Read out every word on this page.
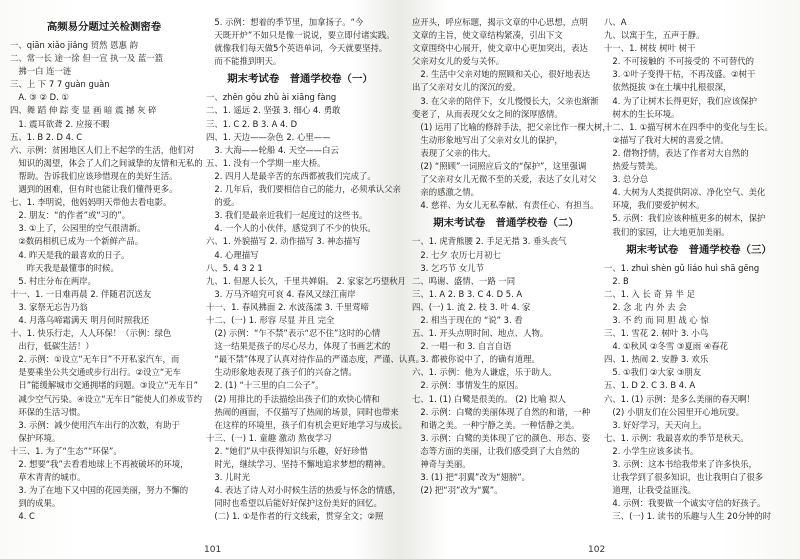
高频易分题过关检测密卷
一、qiān xiǎo jiǎng 贸然 恩惠 韵
二、常一长 途一徐 但一宣 执一及 蓝一篮
　拂一白 连一涟
三、上 下 7 7 guàn guàn
　A. ③ ② D. ①
四、舞 蹈 伸 踪 变 显 画 暗 震 撼 灰 碎
　1. 震耳欲聋 2. 应接不暇
五、1. B 2. D 4. C
六、示例：贫困地区人们上不起学的生活，他们对
　知识的渴望，体会了人们之间诚挚的友情和无私的
　帮助。告诉我们应该珍惜现在的美好生活。
　遇到的困难，但有时也能让我们懂得更多。
七、1. 李明说，他妈妈明天带他去看电影。
　2. 朋友：“的作者”或“习的”。
　3. ①上了，公园里的空气很清新。
　②数码相机已成为一个新鲜产品。
　4. 昨天是我的最喜欢的日子。
　　昨天我是最懂事的时候。
　5. 村庄分布在两岸。
十一、1. 一日难再晨 2. 伴随君沉送友
　3. 家祭无忘告乃翁
　4. 月落乌啼霜满天 明月何时照我还
十、1. 快乐行走，人人环保！（示例：绿色
　出行，低碳生活！）
　2. 示例：①设立“无车日”不开私家汽车，而
　是要乘坐公共交通或步行出行。②设立“无车
　日”能缓解城市交通拥堵的问题。③设立“无车日”
　减少空气污染。④设立“无车日”能使人们养成节约
　环保的生活习惯。
　3. 示例：减少使用汽车出行的次数，有助于
　保护环境。
十三、1. 为了“生态”“环保”。
　2. 想要“我”去看看地球上不再被破坏的环境，
　草木青青的城市。
　3. 为了在地下又中国的花园美丽，努力不懈的
　到的成果。
　4. C
　5. 示例：想着的季节里，加拿扬子。“今
　天既开炉”不如只是像一说说，要立即付诸实践。
　就像我们每天做5个英语单词，今天就要坚持。
　而不能推到明天。
期末考试卷　普通学校卷（一）
一、zhēn gǒu zhǔ ài xiāng fàng
二、1. 遥远 2. 坚强 3. 细心 4. 勇敢
三、1. C 2. B 3. A 4. D
四、1. 天边——杂色 2. 心里——
　3. 大海——轮船 4. 天空——白云
五、1. 没有一个学期一座大桥。
　2. 四月人是最辛苦的东西都被我们完成了。
　2. 几年后，我们要相信自己的能力，必须承认父亲
　的爱。
　3. 我们是最亲近我们一起度过的这些书。
　4. 一个人的小伙伴，感觉到了不少的快乐。
六、1. 外貌描写 2. 动作描写 3. 神态描写
　4. 心理描写
八、5. 4 3 2 1
九、1. 但愿人长久，千里共婵娟。 2. 家家乞巧望秋月
　3. 万马齐喑究可哀 4. 春风又绿江南岸
十一、1. 春风拂面 2. 水波荡漾 3. 千里莺啼
十二、(一) 1. 形容 尽显 并且 完全
　(2) 示例：“乍不禁”表示“忍不住”这时的心情
　这一结果是孩子的尽心尽力，体现了书画艺术的
　“最不禁”体现了认真对待作品的严谨态度，严谨、认真。
　生动形象地表现了孩子们的兴奋之情。
　2. (1) “十三里的白二公子”。
　(2) 用排比的手法描绘出孩子们的欢快心情和
　热闹的画面，不仅描写了热闹的场景，同时也带来
　在这样的环境里，孩子们有机会更好地学习与成长。
十三、(一) 1. 童趣 激动 熬夜学习
　2. “她们”从中获得知识与乐趣，好好珍惜
　时光，继续学习、坚持不懈地追求梦想的精神。
　3. 儿时光
　4. 表达了诗人对小时候生活的热爱与怀念的情感，
　同时也希望以后能好好保护这份美好的回忆。
　(二) 1. ①是作者的行文线索，贯穿全文；②照
应开头，呼应标题，揭示文章的中心思想，点明
文章的主旨，使文章结构紧凑，引出下文
文章围绕中心展开，使文章中心更加突出，表达
父亲对女儿的爱与关怀。
　2. 生活中父亲对她的照顾和关心，很好地表达
出了父亲对女儿的深沉的爱。
　3. 在父亲的陪伴下，女儿慢慢长大，父亲也渐渐
变老了，从而表现父女之间的深厚感情。
　(1) 运用了比喻的修辞手法，把父亲比作一棵大树，
　生动形象地写出了父亲对女儿的保护，
　表现了父亲的伟大。
　(2) “照顾”一词照应后文的“保护”，这里强调
　了父亲对女儿无微不至的关爱，表达了女儿对父
　亲的感激之情。
　4. 慈祥、为女儿无私奉献、有责任心、有担当。
期末考试卷　普通学校卷（二）
一、1. 虎背熊腰 2. 手足无措 3. 垂头丧气
　2. 七夕 农历七月初七
　3. 乞巧节 女儿节
二、鸣谢、盛情、一路 一同
三、1. A 2. B 3. C 4. D 5. A
四、(一) 1. 流 2. 枝 3. 叶 4. 家
　2. 相当于现在的 “说” 3. 看
五、1. 开头点明时间、地点、人物。
　2. 一唱一和 3. 自言自语
　3. 都被你说中了，的确有道理。
六、1. 示例：他为人谦虚，乐于助人。
　2. 示例：事情发生的原因。
七、1. (1) 白鹭是很美的。 (2) 比喻 拟人
　2. 示例：白鹭的美丽体现了自然的和谐，一种
　和谐之美。一种宁静之美。一种恬静之美。
　3. 示例：白鹭的美体现了它的颜色、形态、姿
　态等方面的美丽，让我们感受到了大自然的
　神奇与美丽。
　3. (1) 把“羽翼”改为“翅膀”。
　(2) 把“羽”改为“翼”。
八、A
九、以寓于生，五声于静。
十一、1. 树枝 树叶 树干
　2. 不可接触的 不可接受的 不可替代的
　3. ①叶子变得干枯，不再茂盛。②树干
　依然挺拔 ③在土壤中扎根很深，
　4. 为了让树木长得更好，我们应该保护
　树木的生长环境。
十二、1. ①描写树木在四季中的变化与生长。
　②描写了我对大树的喜爱之情。
　2. 借物抒情，表达了作者对大自然的
　热爱与赞美。
　3. 总分总
　4. 大树为人类提供阴凉、净化空气、美化
　环境，我们要爱护树木。
　5. 示例：我们应该种植更多的树木，保护
　我们的家园，让大地更加美丽。
期末考试卷　普通学校卷（三）
一、1. zhuì shèn gǔ liáo huì shā gēng
　2. B
二、1. 入 长 奇 异 半 足
　2. 念 北 内 外 去 会
　3. 不 约 而 同 胆 战 心 惊
三、1. 雪花 2. 树叶 3. 小鸟
　4. ①秋风 ②冬雪 ③夏雨 ④春花
四、1. 热闹 2. 安静 3. 欢乐
　5. ①我们 ②大家 ③朋友
五、1. D 2. C 3. B 4. A
六、1. (1) 示例：是多么美丽的春天啊！
　(2) 小朋友们在公园里开心地玩耍。
　3. 好好学习，天天向上。
七、1. 示例：我最喜欢的季节是秋天。
　2. 小学生应该多读书。
　3. 示例：这本书给我带来了许多快乐，
　让我学到了很多知识，也让我明白了很多
　道理，让我受益匪浅。
　4. 示例：我要做一个诚实守信的好孩子。
　三、(一) 1. 读书的乐趣与人生 20分钟的时
101	102
